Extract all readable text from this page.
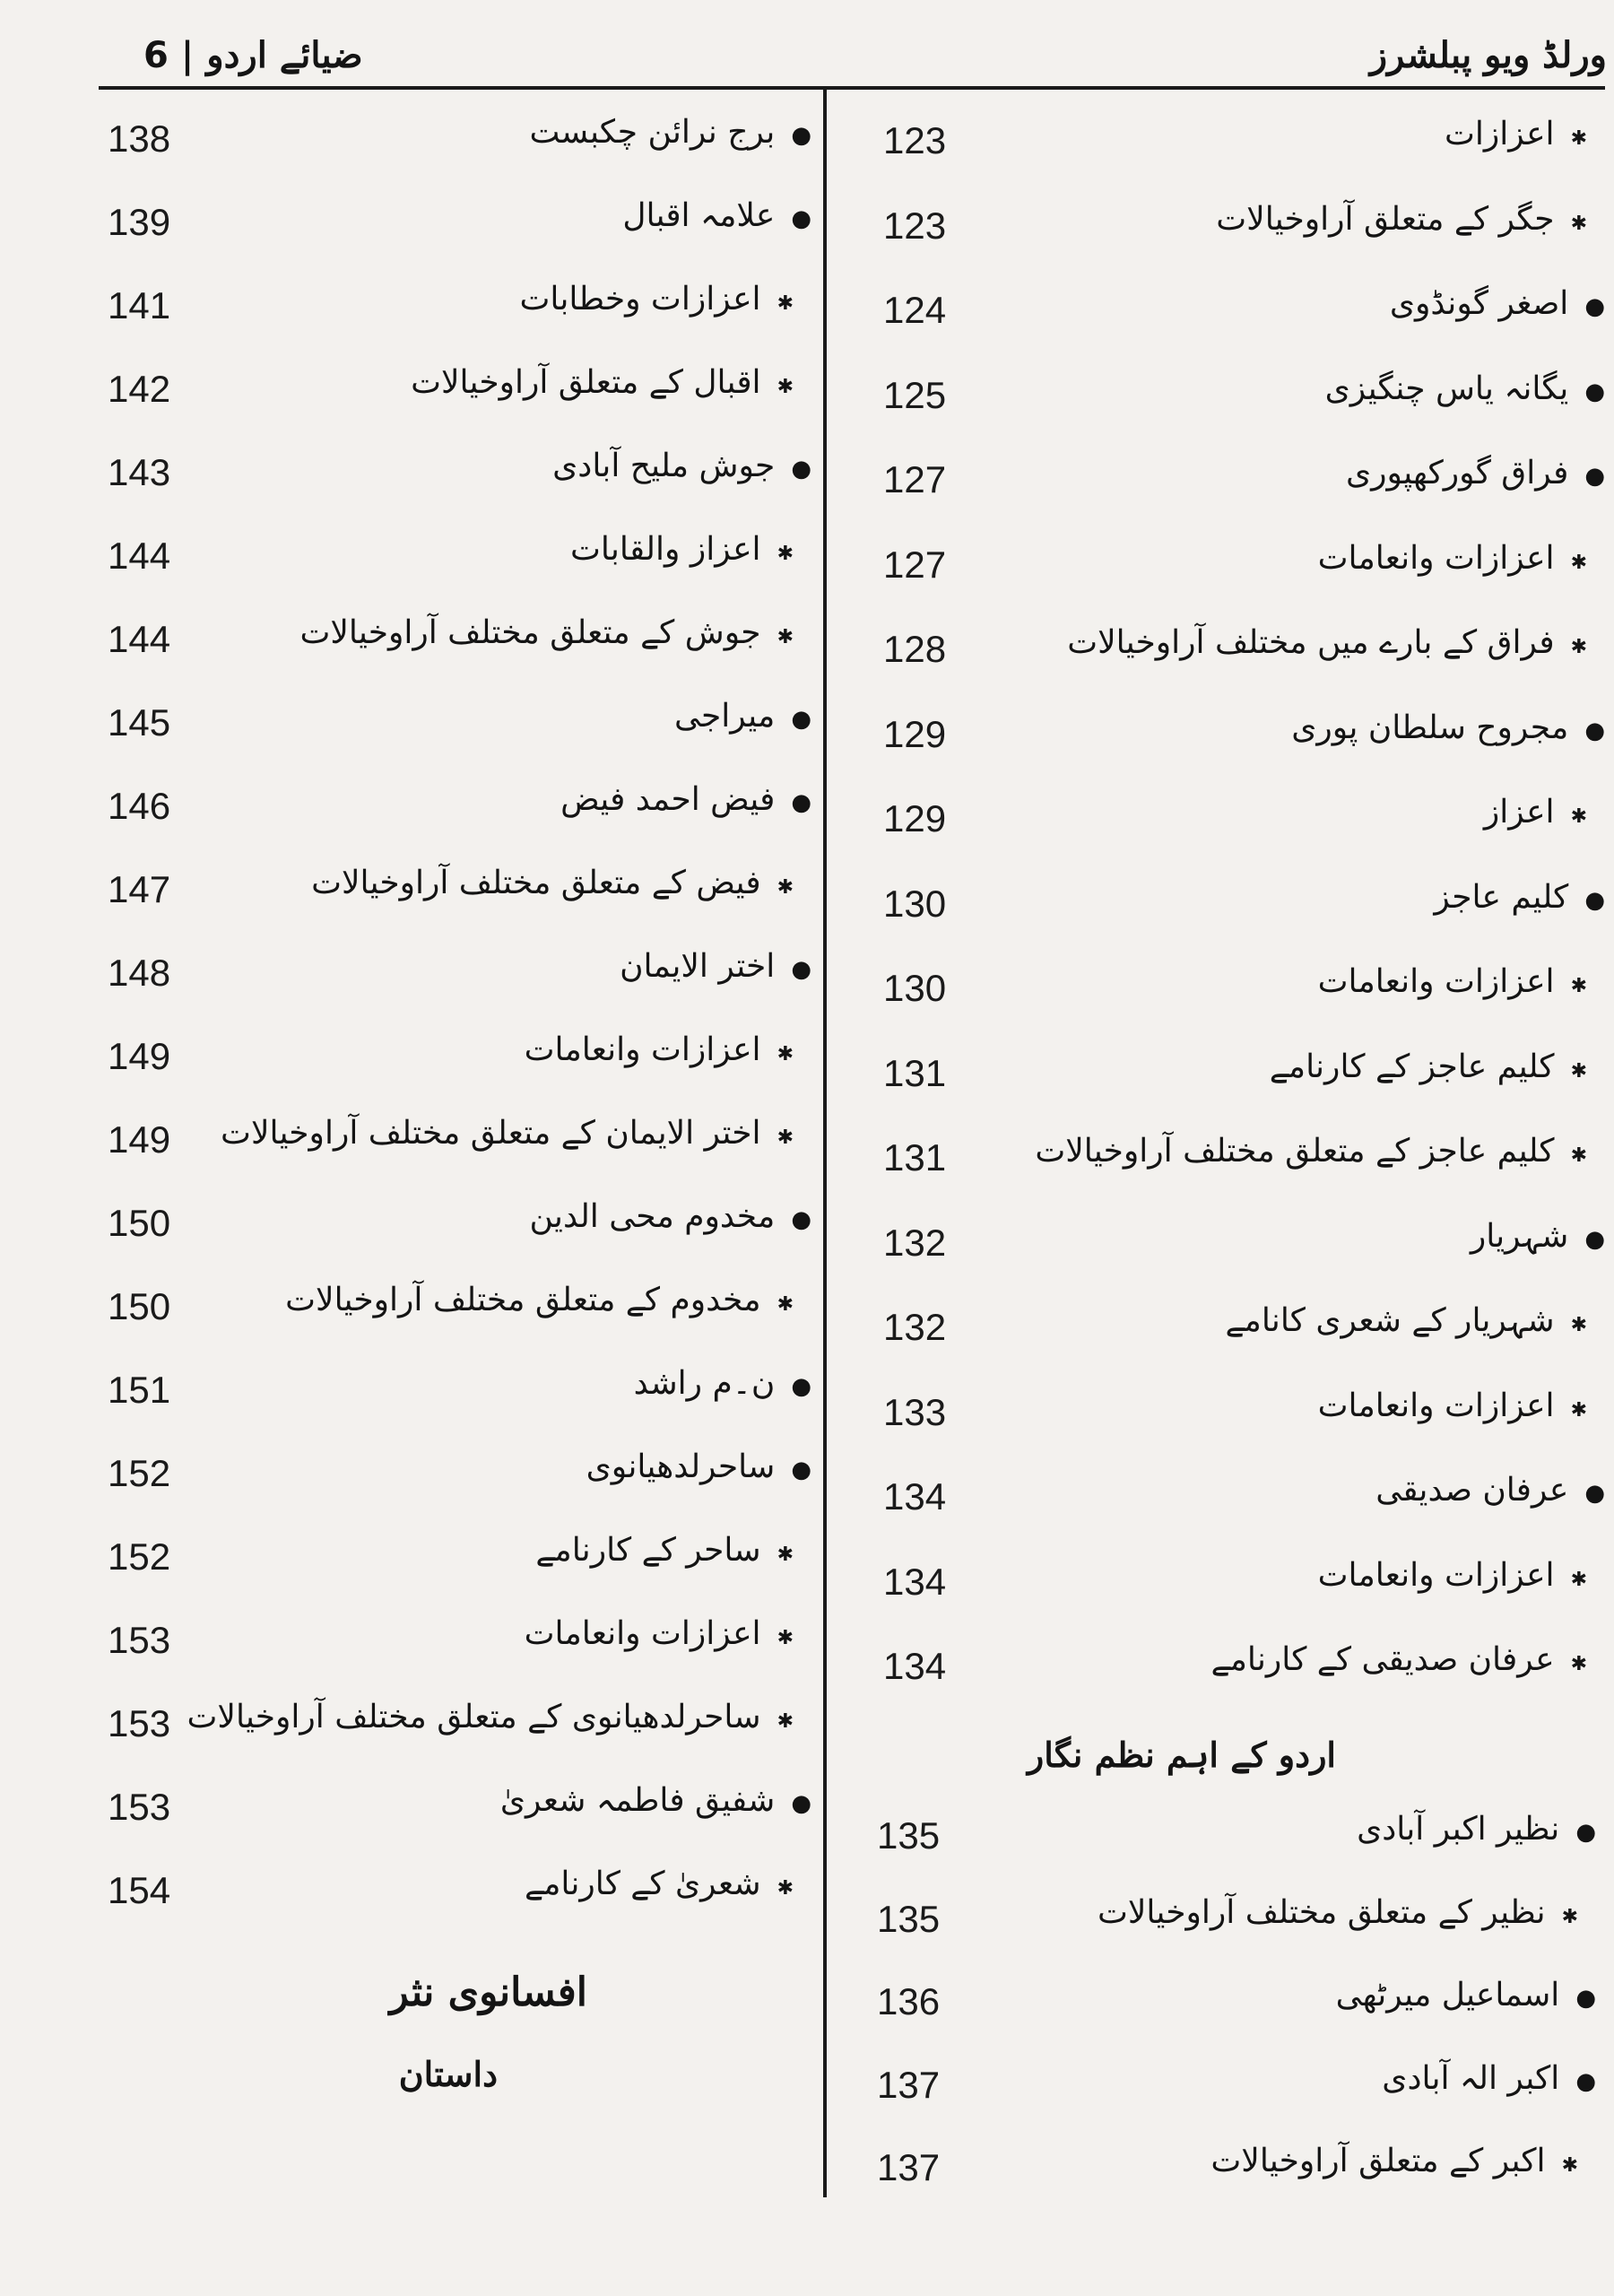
ورلڈ ویو پبلشرز
ضیائے اردو | 6
123	✱اعزازات
123	✱جگر کے متعلق آراوخیالات
124	●اصغر گونڈوی
125	●یگانہ یاس چنگیزی
127	●فراق گورکھپوری
127	✱اعزازات وانعامات
128	✱فراق کے بارے میں مختلف آراوخیالات
129	●مجروح سلطان پوری
129	✱اعزاز
130	●کلیم عاجز
130	✱اعزازات وانعامات
131	✱کلیم عاجز کے کارنامے
131	✱کلیم عاجز کے متعلق مختلف آراوخیالات
132	●شہریار
132	✱شہریار کے شعری کانامے
133	✱اعزازات وانعامات
134	●عرفان صدیقی
134	✱اعزازات وانعامات
134	✱عرفان صدیقی کے کارنامے
اردو کے اہم نظم نگار
135	●نظیر اکبر آبادی
135	✱نظیر کے متعلق مختلف آراوخیالات
136	●اسماعیل میرٹھی
137	●اکبر الہ آبادی
137	✱اکبر کے متعلق آراوخیالات
138	●برج نرائن چکبست
139	●علامہ اقبال
141	✱اعزازات وخطابات
142	✱اقبال کے متعلق آراوخیالات
143	●جوش ملیح آبادی
144	✱اعزاز والقابات
144	✱جوش کے متعلق مختلف آراوخیالات
145	●میراجی
146	●فیض احمد فیض
147	✱فیض کے متعلق مختلف آراوخیالات
148	●اختر الایمان
149	✱اعزازات وانعامات
149	✱اختر الایمان کے متعلق مختلف آراوخیالات
150	●مخدوم محی الدین
150	✱مخدوم کے متعلق مختلف آراوخیالات
151	●ن۔م راشد
152	●ساحرلدھیانوی
152	✱ساحر کے کارنامے
153	✱اعزازات وانعامات
153	✱ساحرلدھیانوی کے متعلق مختلف آراوخیالات
153	●شفیق فاطمہ شعریٰ
154	✱شعریٰ کے کارنامے
افسانوی نثر
داستان
